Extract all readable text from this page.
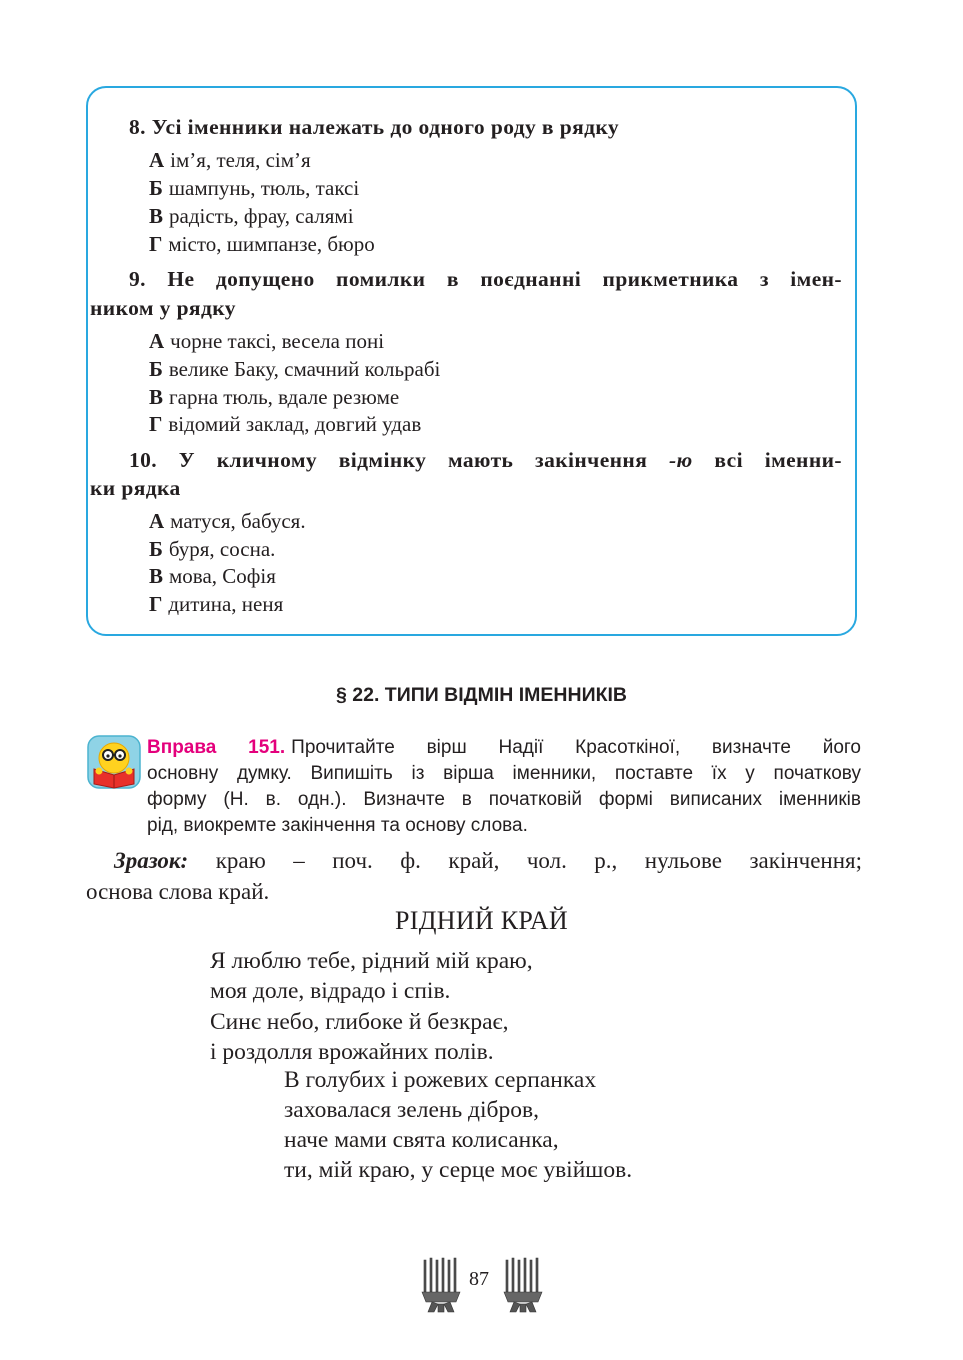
8. Усі іменники належать до одного роду в рядку
А ім’я, теля, сім’я
Б шампунь, тюль, таксі
В радість, фрау, салямі
Г місто, шимпанзе, бюро
9. Не допущено помилки в поєднанні прикметника з імен-
ником у рядку
А чорне таксі, весела поні
Б велике Баку, смачний кольрабі
В гарна тюль, вдале резюме
Г відомий заклад, довгий удав
10. У кличному відмінку мають закінчення -ю всі іменни-
ки рядка
А матуся, бабуся.
Б буря, сосна.
В мова, Софія
Г дитина, неня
§ 22. ТИПИ ВІДМІН ІМЕННИКІВ
Вправа 151. Прочитайте вірш Надії Красоткіної, визначте його
основну думку. Випишіть із вірша іменники, поставте їх у початкову
форму (Н. в. одн.). Визначте в початковій формі виписаних іменників
рід, виокремте закінчення та основу слова.
Зразок: краю – поч. ф. край, чол. р., нульове закінчення;
основа слова край.
РІДНИЙ КРАЙ
Я люблю тебе, рідний мій краю,
моя доле, відрадо і спів.
Синє небо, глибоке й безкрає,
і роздолля врожайних полів.
В голубих і рожевих серпанках
заховалася зелень дібров,
наче мами свята колисанка,
ти, мій краю, у серце моє увійшов.
87
